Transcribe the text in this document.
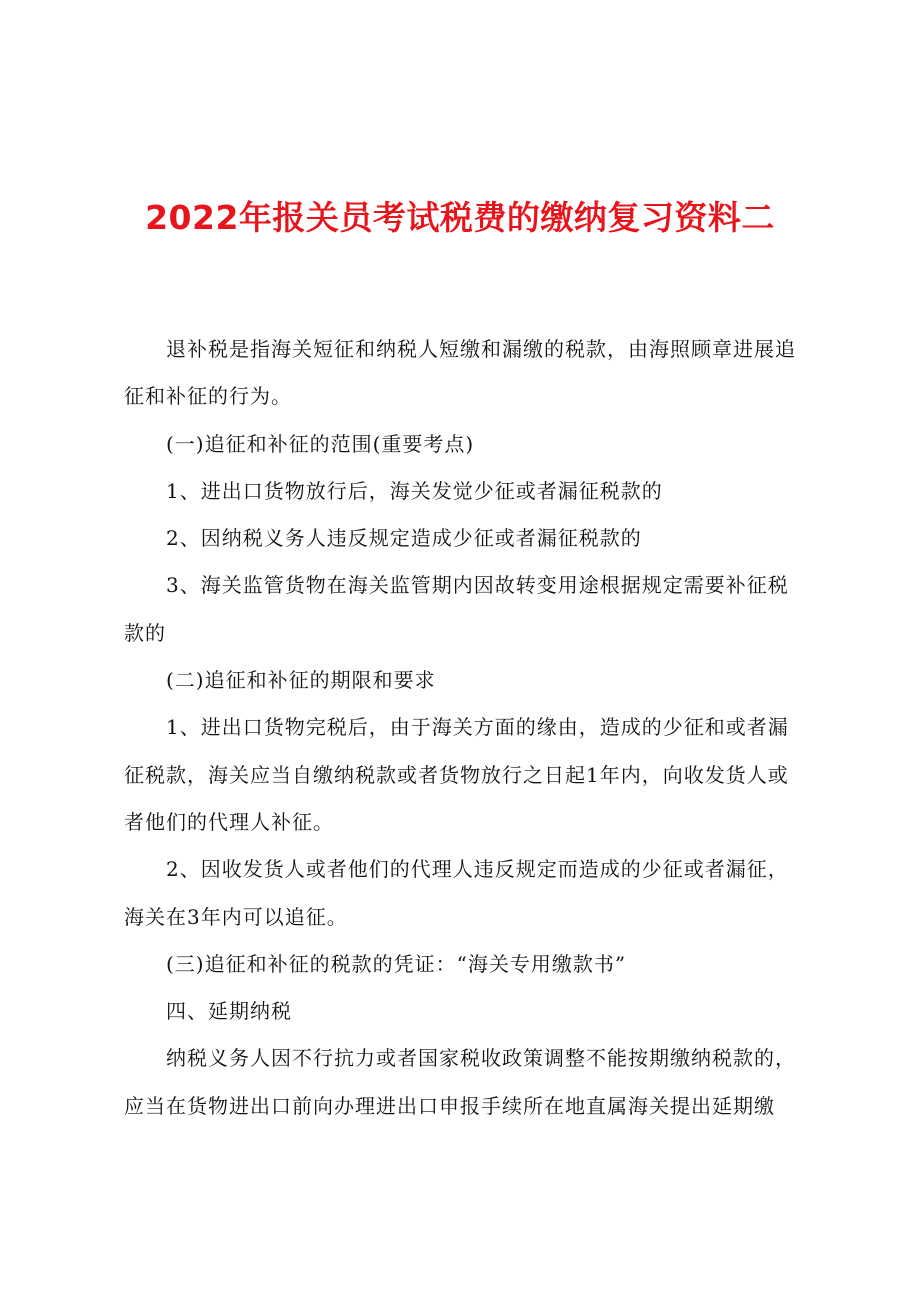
2022年报关员考试税费的缴纳复习资料二

退补税是指海关短征和纳税人短缴和漏缴的税款，由海照顾章进展追征和补征的行为。

(一)追征和补征的范围(重要考点)

1、进出口货物放行后，海关发觉少征或者漏征税款的

2、因纳税义务人违反规定造成少征或者漏征税款的

3、海关监管货物在海关监管期内因故转变用途根据规定需要补征税款的

(二)追征和补征的期限和要求

1、进出口货物完税后，由于海关方面的缘由，造成的少征和或者漏征税款，海关应当自缴纳税款或者货物放行之日起1年内，向收发货人或者他们的代理人补征。

2、因收发货人或者他们的代理人违反规定而造成的少征或者漏征，海关在3年内可以追征。

(三)追征和补征的税款的凭证：“海关专用缴款书”

四、延期纳税

纳税义务人因不行抗力或者国家税收政策调整不能按期缴纳税款的，应当在货物进出口前向办理进出口申报手续所在地直属海关提出延期缴
